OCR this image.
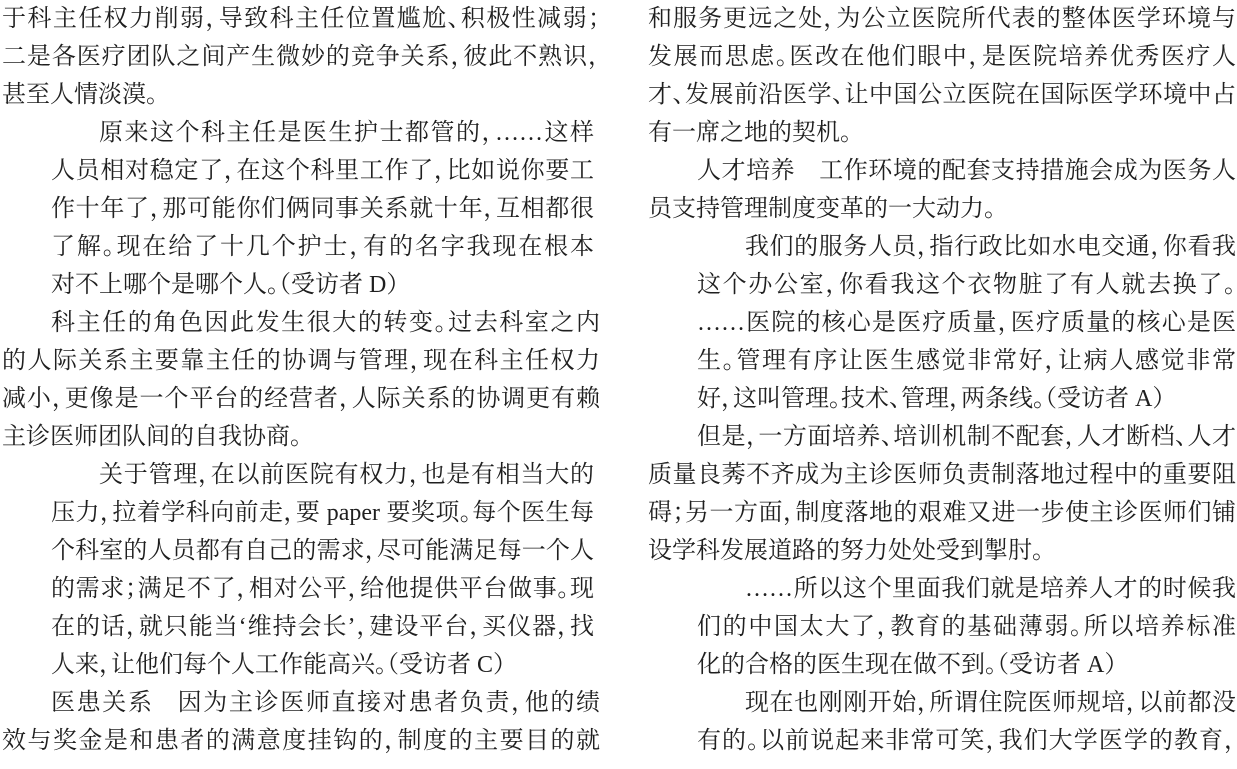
于科主任权力削弱，导致科主任位置尴尬、积极性减弱；
二是各医疗团队之间产生微妙的竞争关系，彼此不熟识，
甚至人情淡漠。
原来这个科主任是医生护士都管的，……这样
人员相对稳定了，在这个科里工作了，比如说你要工
作十年了，那可能你们俩同事关系就十年，互相都很
了解。现在给了十几个护士，有的名字我现在根本
对不上哪个是哪个人。（受访者 D）
科主任的角色因此发生很大的转变。过去科室之内
的人际关系主要靠主任的协调与管理，现在科主任权力
减小，更像是一个平台的经营者，人际关系的协调更有赖
主诊医师团队间的自我协商。
关于管理，在以前医院有权力，也是有相当大的
压力，拉着学科向前走，要 paper 要奖项。每个医生每
个科室的人员都有自己的需求，尽可能满足每一个人
的需求；满足不了，相对公平，给他提供平台做事。现
在的话，就只能当‘维持会长’，建设平台，买仪器，找
人来，让他们每个人工作能高兴。（受访者 C）
医患关系 因为主诊医师直接对患者负责，他的绩
效与奖金是和患者的满意度挂钩的，制度的主要目的就
和服务更远之处，为公立医院所代表的整体医学环境与
发展而思虑。医改在他们眼中，是医院培养优秀医疗人
才、发展前沿医学、让中国公立医院在国际医学环境中占
有一席之地的契机。
人才培养 工作环境的配套支持措施会成为医务人
员支持管理制度变革的一大动力。
我们的服务人员，指行政比如水电交通，你看我
这个办公室，你看我这个衣物脏了有人就去换了。
……医院的核心是医疗质量，医疗质量的核心是医
生。管理有序让医生感觉非常好，让病人感觉非常
好，这叫管理。技术、管理，两条线。（受访者 A）
但是，一方面培养、培训机制不配套，人才断档、人才
质量良莠不齐成为主诊医师负责制落地过程中的重要阻
碍；另一方面，制度落地的艰难又进一步使主诊医师们铺
设学科发展道路的努力处处受到掣肘。
……所以这个里面我们就是培养人才的时候我
们的中国太大了，教育的基础薄弱。所以培养标准
化的合格的医生现在做不到。（受访者 A）
现在也刚刚开始，所谓住院医师规培，以前都没
有的。以前说起来非常可笑，我们大学医学的教育，
